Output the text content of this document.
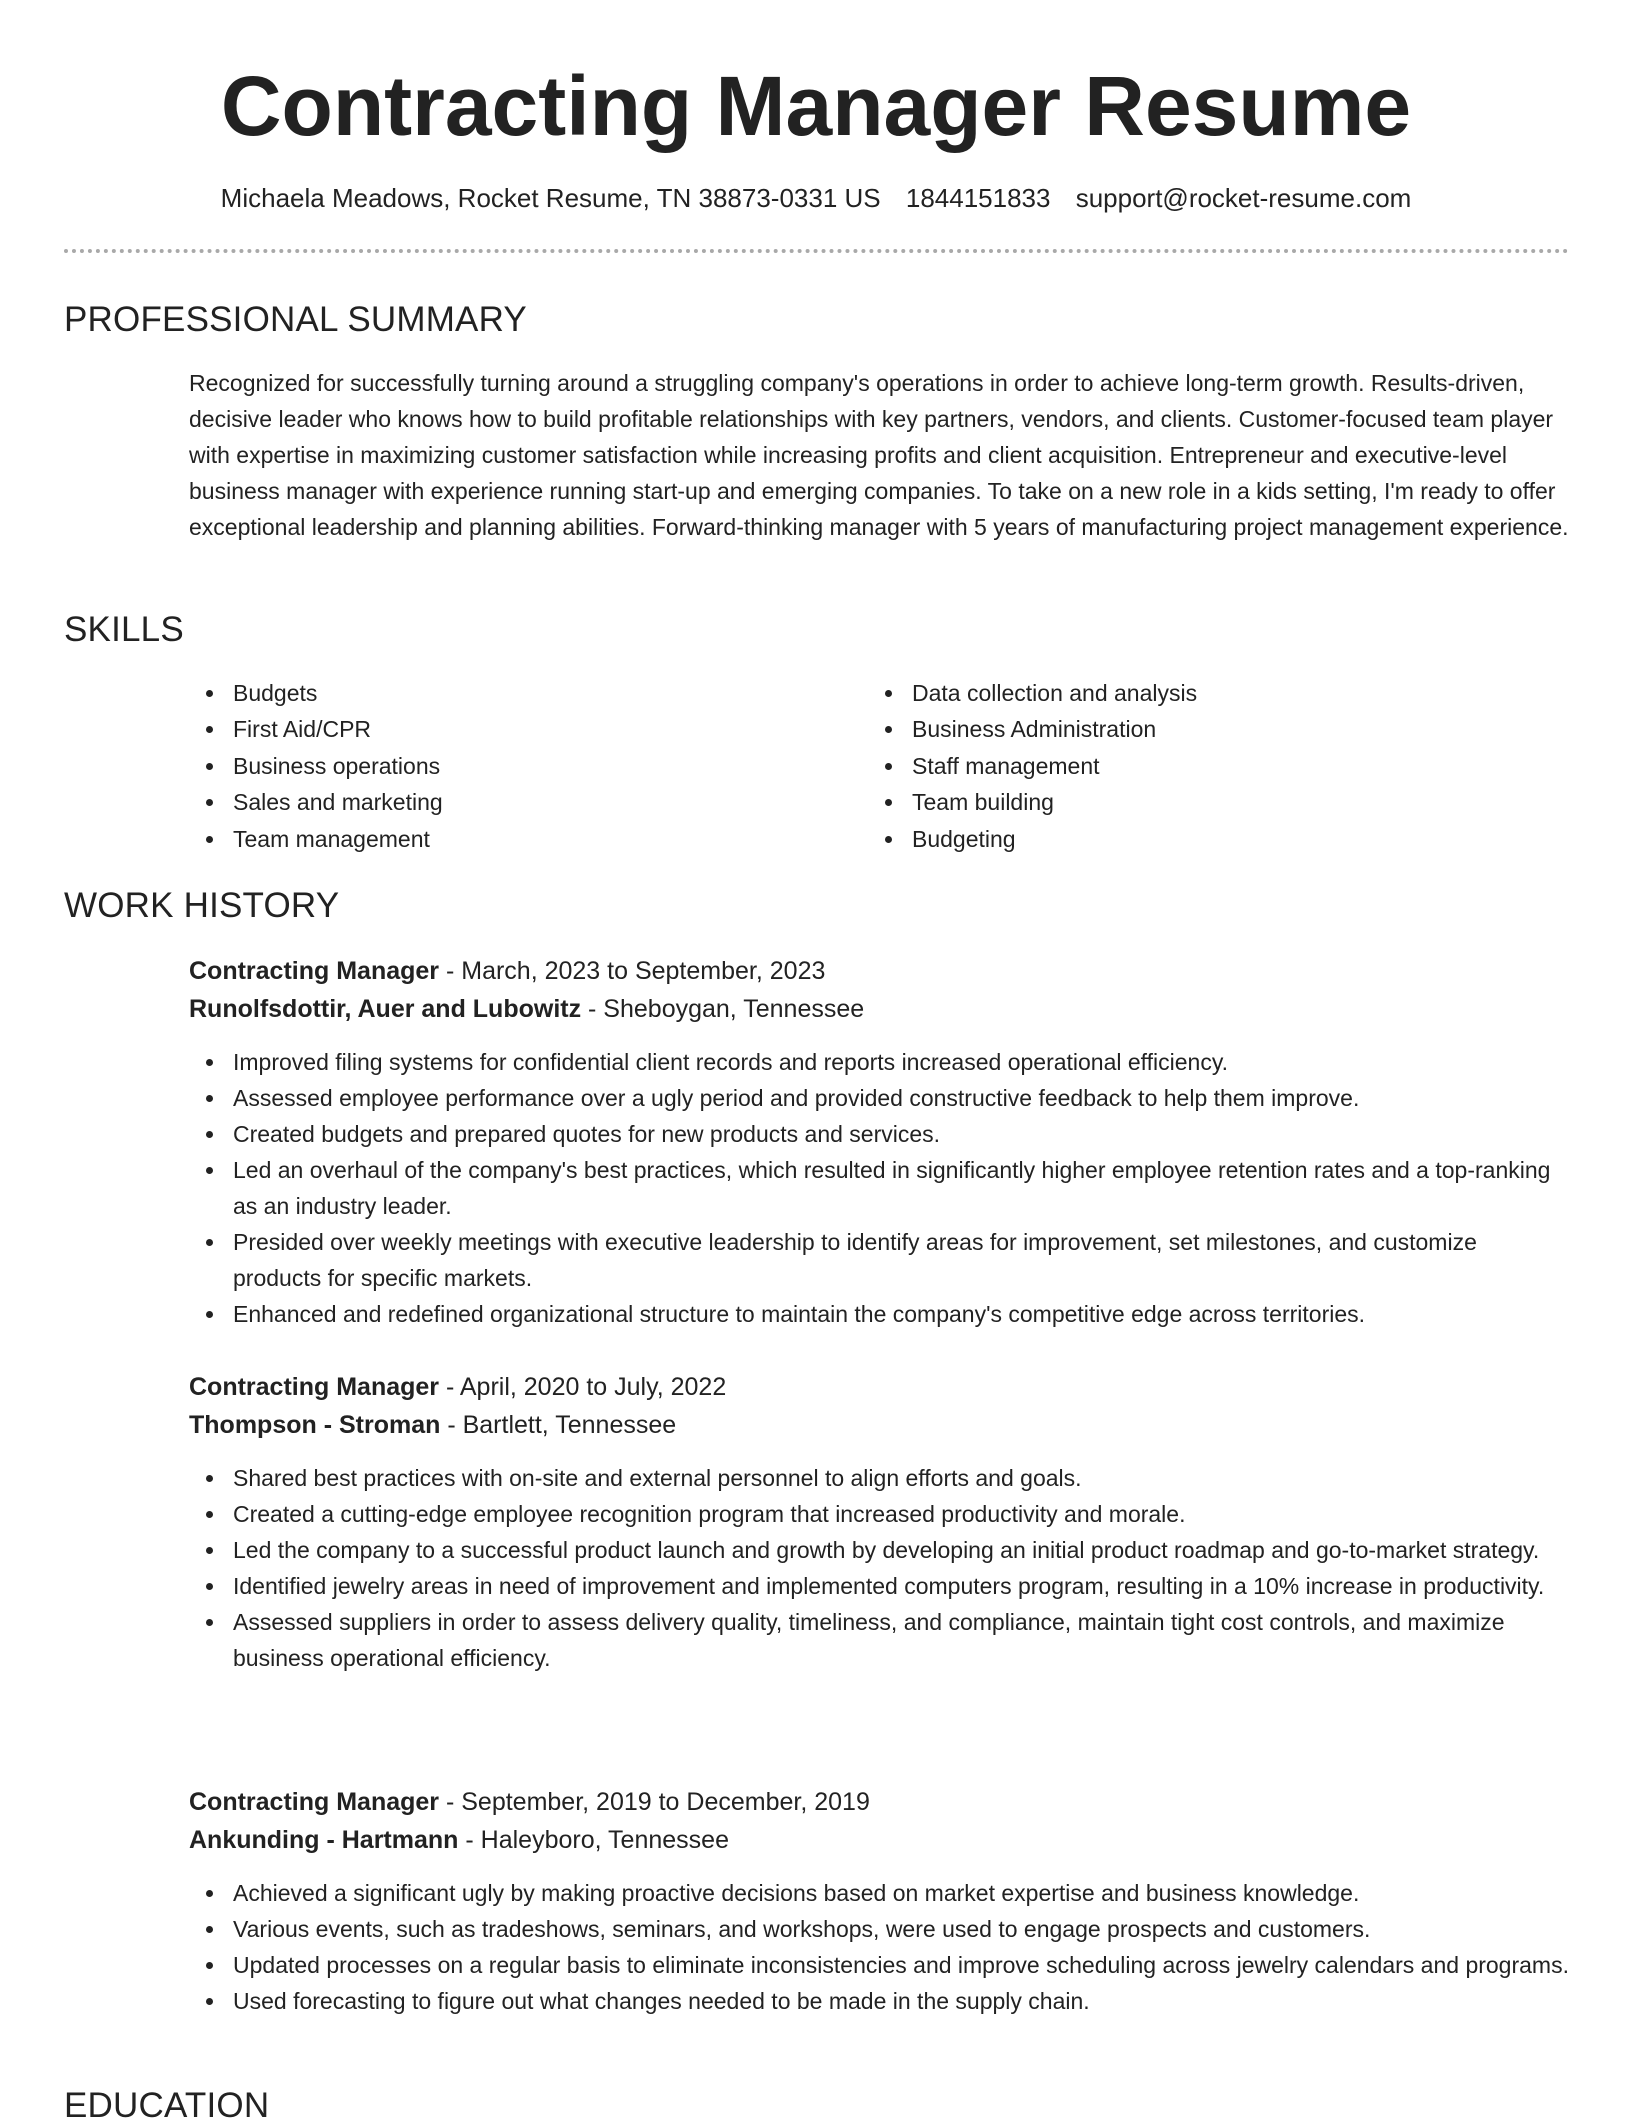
Contracting Manager Resume
Michaela Meadows, Rocket Resume, TN 38873-0331 US 1844151833 support@rocket-resume.com
PROFESSIONAL SUMMARY

Recognized for successfully turning around a struggling company's operations in order to achieve long-term growth. Results-driven, decisive leader who knows how to build profitable relationships with key partners, vendors, and clients. Customer-focused team player with expertise in maximizing customer satisfaction while increasing profits and client acquisition. Entrepreneur and executive-level business manager with experience running start-up and emerging companies. To take on a new role in a kids setting, I'm ready to offer exceptional leadership and planning abilities. Forward-thinking manager with 5 years of manufacturing project management experience.

SKILLS
Budgets
First Aid/CPR
Business operations
Sales and marketing
Team management
Data collection and analysis
Business Administration
Staff management
Team building
Budgeting
WORK HISTORY
Contracting Manager - March, 2023 to September, 2023
Runolfsdottir, Auer and Lubowitz - Sheboygan, Tennessee
Improved filing systems for confidential client records and reports increased operational efficiency.
Assessed employee performance over a ugly period and provided constructive feedback to help them improve.
Created budgets and prepared quotes for new products and services.
Led an overhaul of the company's best practices, which resulted in significantly higher employee retention rates and a top-ranking as an industry leader.
Presided over weekly meetings with executive leadership to identify areas for improvement, set milestones, and customize products for specific markets.
Enhanced and redefined organizational structure to maintain the company's competitive edge across territories.
Contracting Manager - April, 2020 to July, 2022
Thompson - Stroman - Bartlett, Tennessee
Shared best practices with on-site and external personnel to align efforts and goals.
Created a cutting-edge employee recognition program that increased productivity and morale.
Led the company to a successful product launch and growth by developing an initial product roadmap and go-to-market strategy.
Identified jewelry areas in need of improvement and implemented computers program, resulting in a 10% increase in productivity.
Assessed suppliers in order to assess delivery quality, timeliness, and compliance, maintain tight cost controls, and maximize business operational efficiency.
Contracting Manager - September, 2019 to December, 2019
Ankunding - Hartmann - Haleyboro, Tennessee
Achieved a significant ugly by making proactive decisions based on market expertise and business knowledge.
Various events, such as tradeshows, seminars, and workshops, were used to engage prospects and customers.
Updated processes on a regular basis to eliminate inconsistencies and improve scheduling across jewelry calendars and programs.
Used forecasting to figure out what changes needed to be made in the supply chain.
EDUCATION
